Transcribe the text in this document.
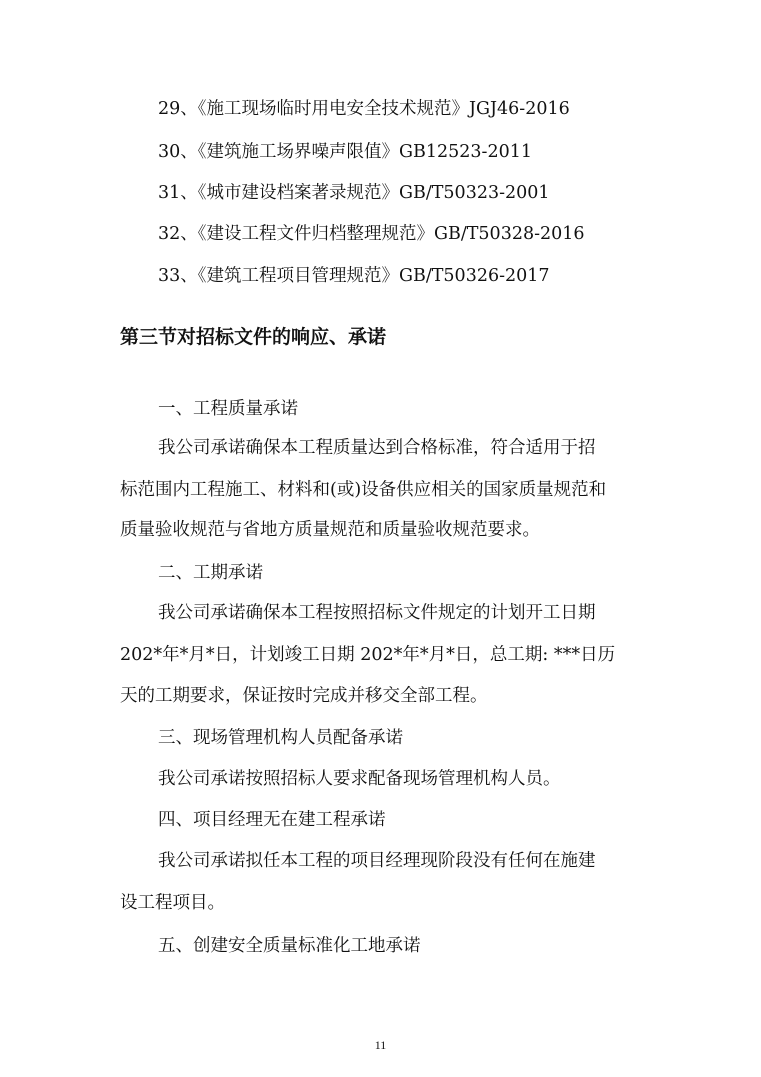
29、《施工现场临时用电安全技术规范》JGJ46-2016
30、《建筑施工场界噪声限值》GB12523-2011
31、《城市建设档案著录规范》GB/T50323-2001
32、《建设工程文件归档整理规范》GB/T50328-2016
33、《建筑工程项目管理规范》GB/T50326-2017
第三节对招标文件的响应、承诺
一、工程质量承诺
我公司承诺确保本工程质量达到合格标准，符合适用于招
标范围内工程施工、材料和(或)设备供应相关的国家质量规范和
质量验收规范与省地方质量规范和质量验收规范要求。
二、工期承诺
我公司承诺确保本工程按照招标文件规定的计划开工日期
202*年*月*日，计划竣工日期 202*年*月*日，总工期: ***日历
天的工期要求，保证按时完成并移交全部工程。
三、现场管理机构人员配备承诺
我公司承诺按照招标人要求配备现场管理机构人员。
四、项目经理无在建工程承诺
我公司承诺拟任本工程的项目经理现阶段没有任何在施建
设工程项目。
五、创建安全质量标准化工地承诺
11
